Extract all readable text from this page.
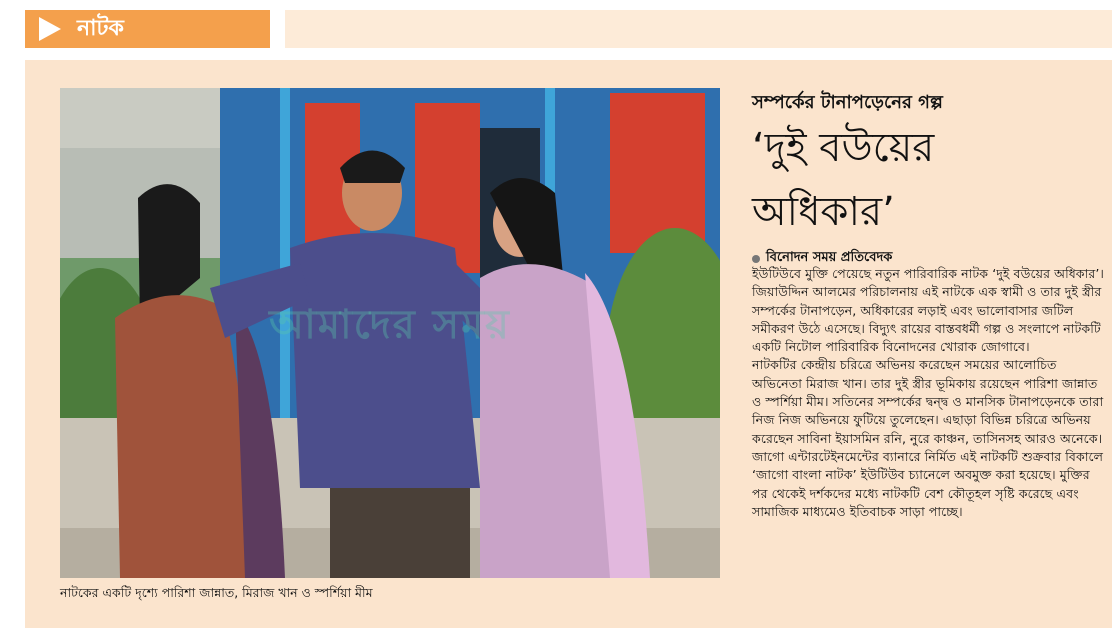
নাটক
আমাদের সময়
নাটকের একটি দৃশ্যে পারিশা জান্নাত, মিরাজ খান ও স্পর্শিয়া মীম
সম্পর্কের টানাপড়েনের গল্প
‘দুই বউয়ের
অধিকার’
বিনোদন সময় প্রতিবেদক

ইউটিউবে মুক্তি পেয়েছে নতুন পারিবারিক নাটক ‘দুই বউয়ের অধিকার’। জিয়াউদ্দিন আলমের পরিচালনায় এই নাটকে এক স্বামী ও তার দুই স্ত্রীর সম্পর্কের টানাপড়েন, অধিকারের লড়াই এবং ভালোবাসার জটিল সমীকরণ উঠে এসেছে। বিদ্যুৎ রায়ের বাস্তবধর্মী গল্প ও সংলাপে নাটকটি একটি নিটোল পারিবারিক বিনোদনের খোরাক জোগাবে।

নাটকটির কেন্দ্রীয় চরিত্রে অভিনয় করেছেন সময়ের আলোচিত অভিনেতা মিরাজ খান। তার দুই স্ত্রীর ভূমিকায় রয়েছেন পারিশা জান্নাত ও স্পর্শিয়া মীম। সতিনের সম্পর্কের দ্বন্দ্ব ও মানসিক টানাপড়েনকে তারা নিজ নিজ অভিনয়ে ফুটিয়ে তুলেছেন। এছাড়া বিভিন্ন চরিত্রে অভিনয় করেছেন সাবিনা ইয়াসমিন রনি, নুরে কাঞ্চন, তাসিনসহ আরও অনেকে।

জাগো এন্টারটেইনমেন্টের ব্যানারে নির্মিত এই নাটকটি শুক্রবার বিকালে ‘জাগো বাংলা নাটক’ ইউটিউব চ্যানেলে অবমুক্ত করা হয়েছে। মুক্তির পর থেকেই দর্শকদের মধ্যে নাটকটি বেশ কৌতূহল সৃষ্টি করেছে এবং সামাজিক মাধ্যমেও ইতিবাচক সাড়া পাচ্ছে।
